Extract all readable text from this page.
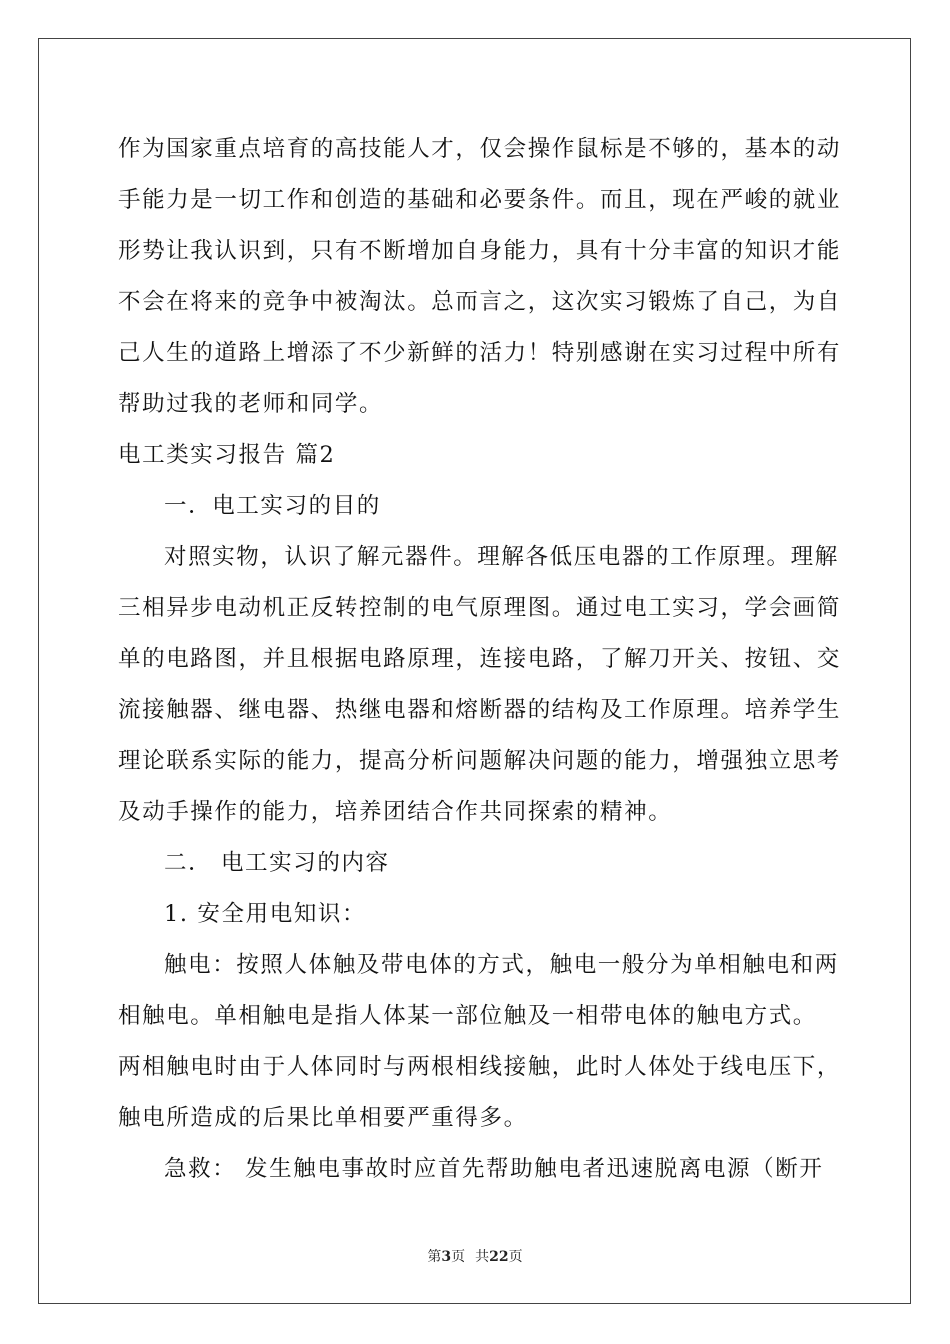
作为国家重点培育的高技能人才，仅会操作鼠标是不够的，基本的动
手能力是一切工作和创造的基础和必要条件。而且，现在严峻的就业
形势让我认识到，只有不断增加自身能力，具有十分丰富的知识才能
不会在将来的竞争中被淘汰。总而言之，这次实习锻炼了自己，为自
己人生的道路上增添了不少新鲜的活力！特别感谢在实习过程中所有
帮助过我的老师和同学。
电工类实习报告 篇2
一．电工实习的目的
对照实物，认识了解元器件。理解各低压电器的工作原理。理解
三相异步电动机正反转控制的电气原理图。通过电工实习，学会画简
单的电路图，并且根据电路原理，连接电路，了解刀开关、按钮、交
流接触器、继电器、热继电器和熔断器的结构及工作原理。培养学生
理论联系实际的能力，提高分析问题解决问题的能力，增强独立思考
及动手操作的能力，培养团结合作共同探索的精神。
二． 电工实习的内容
1. 安全用电知识：
触电：按照人体触及带电体的方式，触电一般分为单相触电和两
相触电。单相触电是指人体某一部位触及一相带电体的触电方式。
两相触电时由于人体同时与两根相线接触，此时人体处于线电压下，
触电所造成的后果比单相要严重得多。
急救： 发生触电事故时应首先帮助触电者迅速脱离电源（断开
第3页 共22页
